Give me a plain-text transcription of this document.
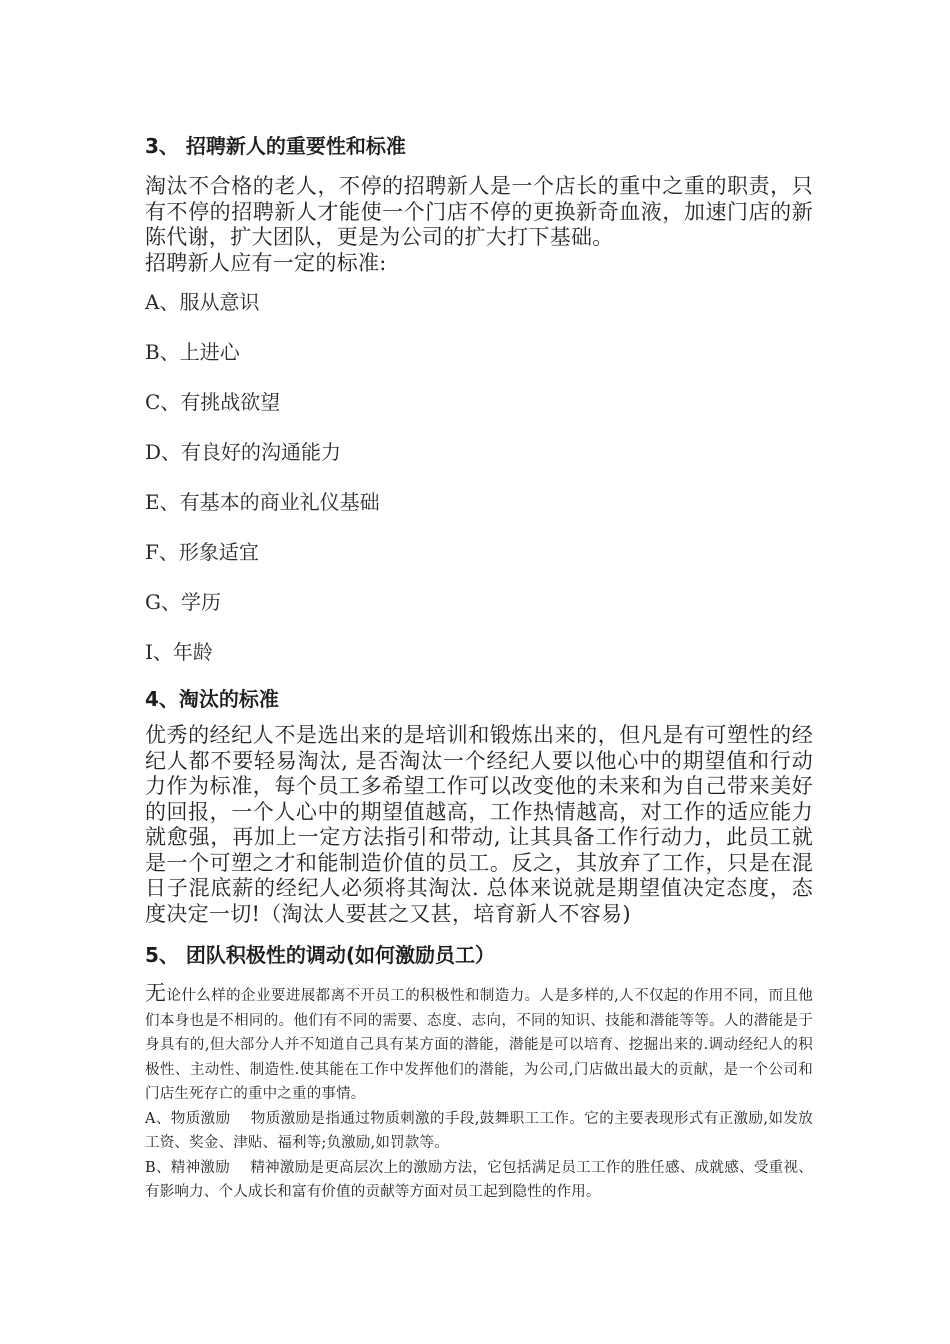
3、 招聘新人的重要性和标准

淘汰不合格的老人，不停的招聘新人是一个店长的重中之重的职责，只有不停的招聘新人才能使一个门店不停的更换新奇血液，加速门店的新陈代谢，扩大团队，更是为公司的扩大打下基础。

招聘新人应有一定的标准:

A、服从意识

B、上进心

C、有挑战欲望

D、有良好的沟通能力

E、有基本的商业礼仪基础

F、形象适宜

G、学历

I、年龄

4、淘汰的标准

优秀的经纪人不是选出来的是培训和锻炼出来的，但凡是有可塑性的经纪人都不要轻易淘汰, 是否淘汰一个经纪人要以他心中的期望值和行动力作为标准，每个员工多希望工作可以改变他的未来和为自己带来美好的回报，一个人心中的期望值越高，工作热情越高，对工作的适应能力就愈强，再加上一定方法指引和带动, 让其具备工作行动力，此员工就是一个可塑之才和能制造价值的员工。反之，其放弃了工作，只是在混日子混底薪的经纪人必须将其淘汰. 总体来说就是期望值决定态度，态度决定一切!（淘汰人要甚之又甚，培育新人不容易)

5、 团队积极性的调动(如何激励员工）

无论什么样的企业要进展都离不开员工的积极性和制造力。人是多样的,人不仅起的作用不同，而且他们本身也是不相同的。他们有不同的需要、态度、志向，不同的知识、技能和潜能等等。人的潜能是于身具有的,但大部分人并不知道自己具有某方面的潜能，潜能是可以培育、挖掘出来的.调动经纪人的积极性、主动性、制造性.使其能在工作中发挥他们的潜能，为公司,门店做出最大的贡献，是一个公司和门店生死存亡的重中之重的事情。

A、物质激励 物质激励是指通过物质刺激的手段,鼓舞职工工作。它的主要表现形式有正激励,如发放工资、奖金、津贴、福利等;负激励,如罚款等。

B、精神激励 精神激励是更高层次上的激励方法，它包括满足员工工作的胜任感、成就感、受重视、有影响力、个人成长和富有价值的贡献等方面对员工起到隐性的作用。
